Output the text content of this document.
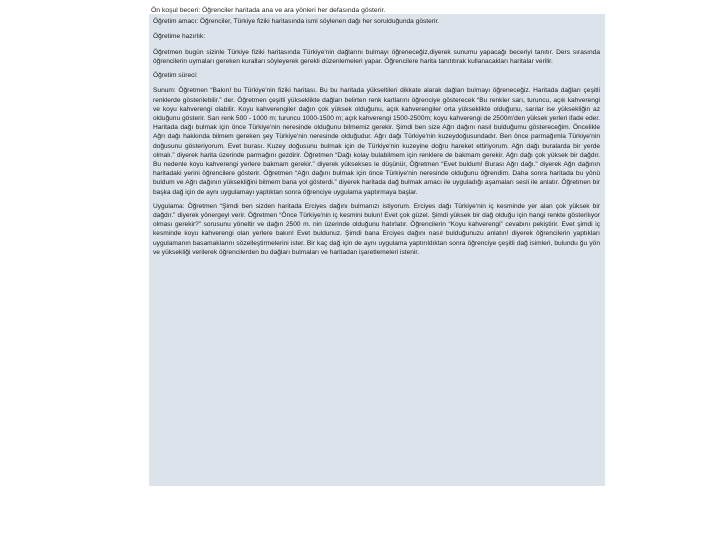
Ön koşul beceri: Öğrenciler haritada ana ve ara yönleri her defasında gösterir.

Öğretim amacı: Öğrenciler, Türkiye fiziki haritasında ismi söylenen dağı her sorulduğunda gösterir.

Öğretime hazırlık:

Öğretmen bugün sizinle Türkiye fiziki haritasında Türkiye'nin dağlarını bulmayı öğreneceğiz,diyerek sunumu yapacağı beceriyi tanıtır. Ders sırasında öğrencilerin uymaları gereken kuralları söyleyerek gerekli düzenlemeleri yapar. Öğrencilere harita tanıtıtırak kullanacakları haritalar verilir.

Öğretim süreci:

Sunum: Öğretmen “Bakın! bu Türkiye'nin fiziki haritası. Bu bu haritada yükseltileri dikkate alarak dağları bulmayı öğreneceğiz. Haritada dağları çeşitli renklerde gösterilebilir.” der. Öğretmen çeşitli yükseklikte dağları belirten renk kartlarını öğrenciye gösterecek “Bu renkler sarı, turuncu, açık kahverengi ve koyu kahverengi olabilir. Koyu kahverengiler dağın çok yüksek olduğunu, açık kahverengiler orta yükseklikte olduğunu, sarılar ise yüksekliğin az olduğunu gösterir. Sarı renk 500 - 1000 m; turuncu 1000-1500 m; açık kahverengi 1500-2500m; koyu kahverengi de 2500m'den yüksek yerleri ifade eder. Haritada dağı bulmak için önce Türkiye'nin neresinde olduğunu bilmemiz gerekir. Şimdi ben size Ağrı dağını nasıl bulduğumu göstereceğim. Öncelikle Ağrı dağı hakkında bilmem gereken şey Türkiye'nin neresinde olduğudur. Ağrı dağı Türkiye'nin kuzeydoğusundadır. Ben önce parmağımla Türkiye'nin doğusunu gösteriyorum. Evet burası. Kuzey doğusunu bulmak için de Türkiye'nin kuzeyine doğru hareket ettiriyorum. Ağrı dağı buralarda bir yerde olmalı.” diyerek harita üzerinde parmağını gezdirir. Öğretmen “Dağı kolay bulabilmem için renklere de bakmam gerekir. Ağrı dağı çok yüksek bir dağdır. Bu nedenle koyu kahverengi yerlere bakmam gerekir.” diyerek yüksekses le düşünür, Öğretmen “Evet buldum! Burası Ağrı dağı.” diyerek Ağrı dağının haritadaki yerini öğrencilere gösterir. Öğretmen “Ağrı dağını bulmak için önce Türkiye'nin neresinde olduğunu öğrendim. Daha sonra haritada bu yönü buldum ve Ağrı dağının yüksekliğini bilmem bana yol gösterdi.” diyerek haritada dağ bulmak amacı ile uyguladığı aşamaları sesli ile anlatır. Öğretmen bir başka dağ için de aynı uygulamayı yaptıktan sonra öğrenciye uygulama yaptırmaya başlar.

Uygulama: Öğretmen “Şimdi ben sizden haritada Erciyes dağını bulmanızı istiyorum. Erciyes dağı Türkiye'nin iç kesminde yer alan çok yüksek bir dağdır.” diyerek yönergeyi verir. Öğretmen “Önce Türkiye'nin iç kesmini bulun! Evet çok güzel. Şimdi yüksek bir dağ olduğu için hangi renkte gösterilıyor olması gerekir?” sorusunu yöneltir ve dağın 2500 m. nin üzerinde olduğunu hatırlatır. Öğrencilerin “Koyu kahverengi” cevabını pekiştirir. Evet şimdi iç kesminde koyu kahverengi olan yerlere bakın! Evet buldunuz. Şimdi bana Erciyes dağını nasıl bulduğunuzu anlatın! diyerek öğrencilerin yaptıkları uygulamanın basamaklarını sözelleştirmelerini ister. Bir kaç dağ için de aynı uygulama yaptırıldıktan sonra öğrenciye çeşitli dağ isimleri, bulundu ğu yön ve yüksekliği verilerek öğrencilerden bu dağları bulmaları ve haritadan işaretlemeleri istenir.
